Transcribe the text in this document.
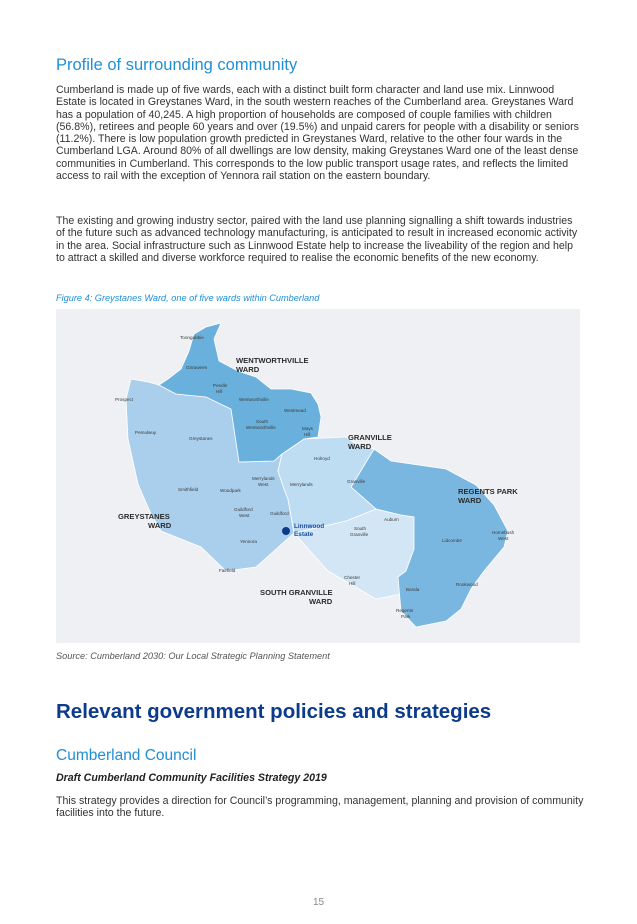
Profile of surrounding community

Cumberland is made up of five wards, each with a distinct built form character and land use mix. Linnwood Estate is located in Greystanes Ward, in the south western reaches of the Cumberland area. Greystanes Ward has a population of 40,245. A high proportion of households are composed of couple families with children (56.8%), retirees and people 60 years and over (19.5%) and unpaid carers for people with a disability or seniors (11.2%). There is low population growth predicted in Greystanes Ward, relative to the other four wards in the Cumberland LGA. Around 80% of all dwellings are low density, making Greystanes Ward one of the least dense communities in Cumberland. This corresponds to the low public transport usage rates, and reflects the limited access to rail with the exception of Yennora rail station on the eastern boundary.

The existing and growing industry sector, paired with the land use planning signalling a shift towards industries of the future such as advanced technology manufacturing, is anticipated to result in increased economic activity in the area. Social infrastructure such as Linnwood Estate help to increase the liveability of the region and help to attract a skilled and diverse workforce required to realise the economic benefits of the new economy.

Figure 4: Greystanes Ward, one of five wards within Cumberland

WENTWORTHVILLE
WARD
GRANVILLE
WARD
REGENTS PARK
WARD
GREYSTANES
WARD
SOUTH GRANVILLE
WARD
Toongabbie
Girraween
Pendle
Hill
Prospect	Wentworthville
Westmead
Pemulwuy
Greystanes
South
Wentworthville	Mays
Hill
Holroyd
Merrylands
West	Merrylands
Granville
Smithfield	Woodpark
Guildford
West	Guildford
Auburn
South
Granville
Lidcombe
Homebush
West
Yennora
Fairfield
Chester
Hill
Berala
Rookwood
Regents
Park
Linnwood
Estate

Source: Cumberland 2030: Our Local Strategic Planning Statement

Relevant government policies and strategies
Cumberland Council

Draft Cumberland Community Facilities Strategy 2019

This strategy provides a direction for Council’s programming, management, planning and provision of community facilities into the future.

15
